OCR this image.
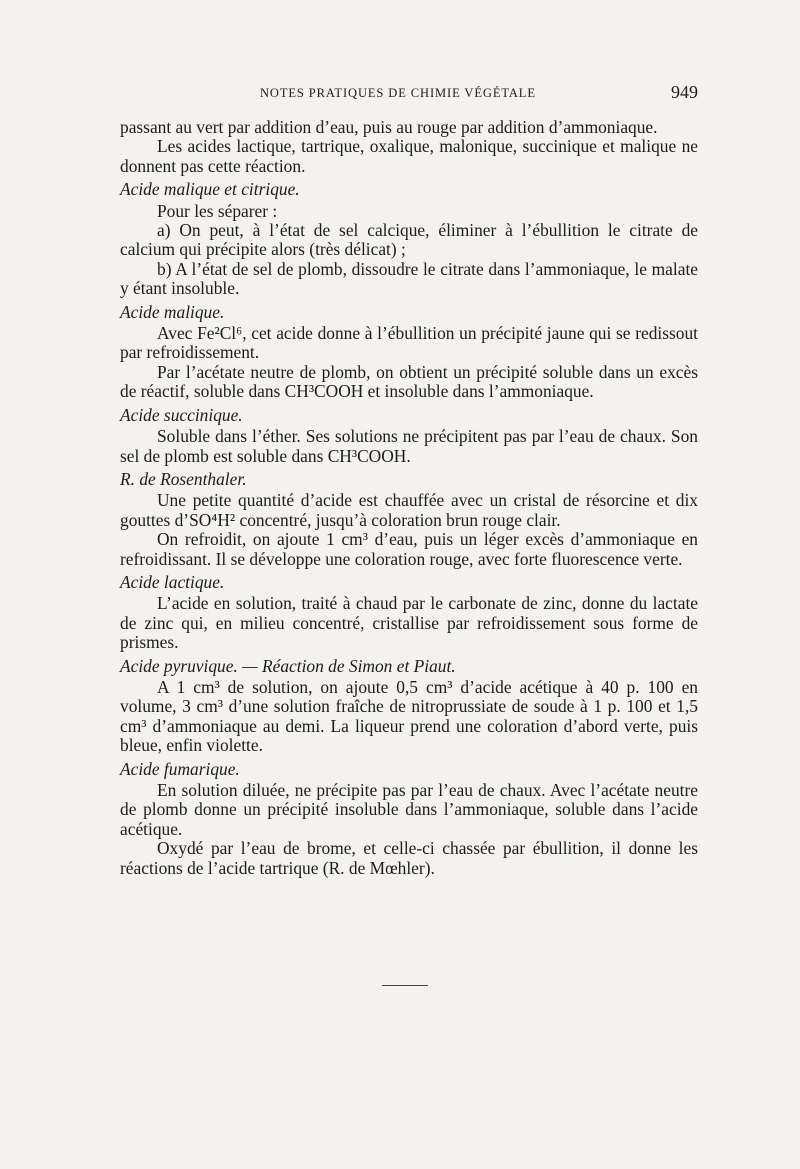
NOTES PRATIQUES DE CHIMIE VÉGÉTALE	949

passant au vert par addition d’eau, puis au rouge par addition d’ammoniaque.

Les acides lactique, tartrique, oxalique, malonique, succinique et malique ne donnent pas cette réaction.

Acide malique et citrique.

Pour les séparer :

a) On peut, à l’état de sel calcique, éliminer à l’ébullition le citrate de calcium qui précipite alors (très délicat) ;

b) A l’état de sel de plomb, dissoudre le citrate dans l’ammoniaque, le malate y étant insoluble.

Acide malique.

Avec Fe²Cl⁶, cet acide donne à l’ébullition un précipité jaune qui se redissout par refroidissement.

Par l’acétate neutre de plomb, on obtient un précipité soluble dans un excès de réactif, soluble dans CH³COOH et insoluble dans l’ammoniaque.

Acide succinique.

Soluble dans l’éther. Ses solutions ne précipitent pas par l’eau de chaux. Son sel de plomb est soluble dans CH³COOH.

R. de Rosenthaler.

Une petite quantité d’acide est chauffée avec un cristal de résorcine et dix gouttes d’SO⁴H² concentré, jusqu’à coloration brun rouge clair.

On refroidit, on ajoute 1 cm³ d’eau, puis un léger excès d’ammoniaque en refroidissant. Il se développe une coloration rouge, avec forte fluorescence verte.

Acide lactique.

L’acide en solution, traité à chaud par le carbonate de zinc, donne du lactate de zinc qui, en milieu concentré, cristallise par refroidissement sous forme de prismes.

Acide pyruvique. — Réaction de Simon et Piaut.

A 1 cm³ de solution, on ajoute 0,5 cm³ d’acide acétique à 40 p. 100 en volume, 3 cm³ d’une solution fraîche de nitroprussiate de soude à 1 p. 100 et 1,5 cm³ d’ammoniaque au demi. La liqueur prend une coloration d’abord verte, puis bleue, enfin violette.

Acide fumarique.

En solution diluée, ne précipite pas par l’eau de chaux. Avec l’acétate neutre de plomb donne un précipité insoluble dans l’ammoniaque, soluble dans l’acide acétique.

Oxydé par l’eau de brome, et celle-ci chassée par ébullition, il donne les réactions de l’acide tartrique (R. de Mœhler).
